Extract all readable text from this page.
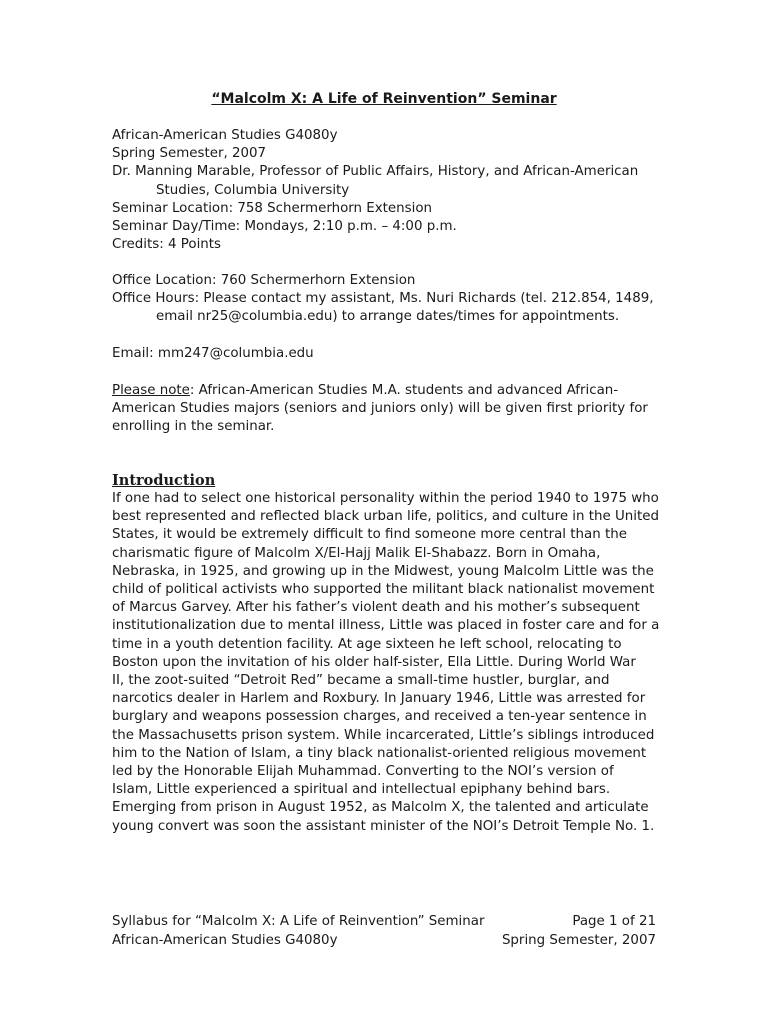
“Malcolm X: A Life of Reinvention” Seminar
African-American Studies G4080y
Spring Semester, 2007
Dr. Manning Marable, Professor of Public Affairs, History, and African-American
Studies, Columbia University
Seminar Location: 758 Schermerhorn Extension
Seminar Day/Time: Mondays, 2:10 p.m. – 4:00 p.m.
Credits: 4 Points
Office Location: 760 Schermerhorn Extension
Office Hours: Please contact my assistant, Ms. Nuri Richards (tel. 212.854, 1489,
email nr25@columbia.edu) to arrange dates/times for appointments.
Email: mm247@columbia.edu
Please note: African-American Studies M.A. students and advanced African-
American Studies majors (seniors and juniors only) will be given first priority for
enrolling in the seminar.
Introduction
If one had to select one historical personality within the period 1940 to 1975 who
best represented and reflected black urban life, politics, and culture in the United
States, it would be extremely difficult to find someone more central than the
charismatic figure of Malcolm X/El-Hajj Malik El-Shabazz. Born in Omaha,
Nebraska, in 1925, and growing up in the Midwest, young Malcolm Little was the
child of political activists who supported the militant black nationalist movement
of Marcus Garvey. After his father’s violent death and his mother’s subsequent
institutionalization due to mental illness, Little was placed in foster care and for a
time in a youth detention facility. At age sixteen he left school, relocating to
Boston upon the invitation of his older half-sister, Ella Little. During World War
II, the zoot-suited “Detroit Red” became a small-time hustler, burglar, and
narcotics dealer in Harlem and Roxbury. In January 1946, Little was arrested for
burglary and weapons possession charges, and received a ten-year sentence in
the Massachusetts prison system. While incarcerated, Little’s siblings introduced
him to the Nation of Islam, a tiny black nationalist-oriented religious movement
led by the Honorable Elijah Muhammad. Converting to the NOI’s version of
Islam, Little experienced a spiritual and intellectual epiphany behind bars.
Emerging from prison in August 1952, as Malcolm X, the talented and articulate
young convert was soon the assistant minister of the NOI’s Detroit Temple No. 1.
Syllabus for “Malcolm X: A Life of Reinvention” Seminar	Page 1 of 21
African-American Studies G4080y	Spring Semester, 2007
